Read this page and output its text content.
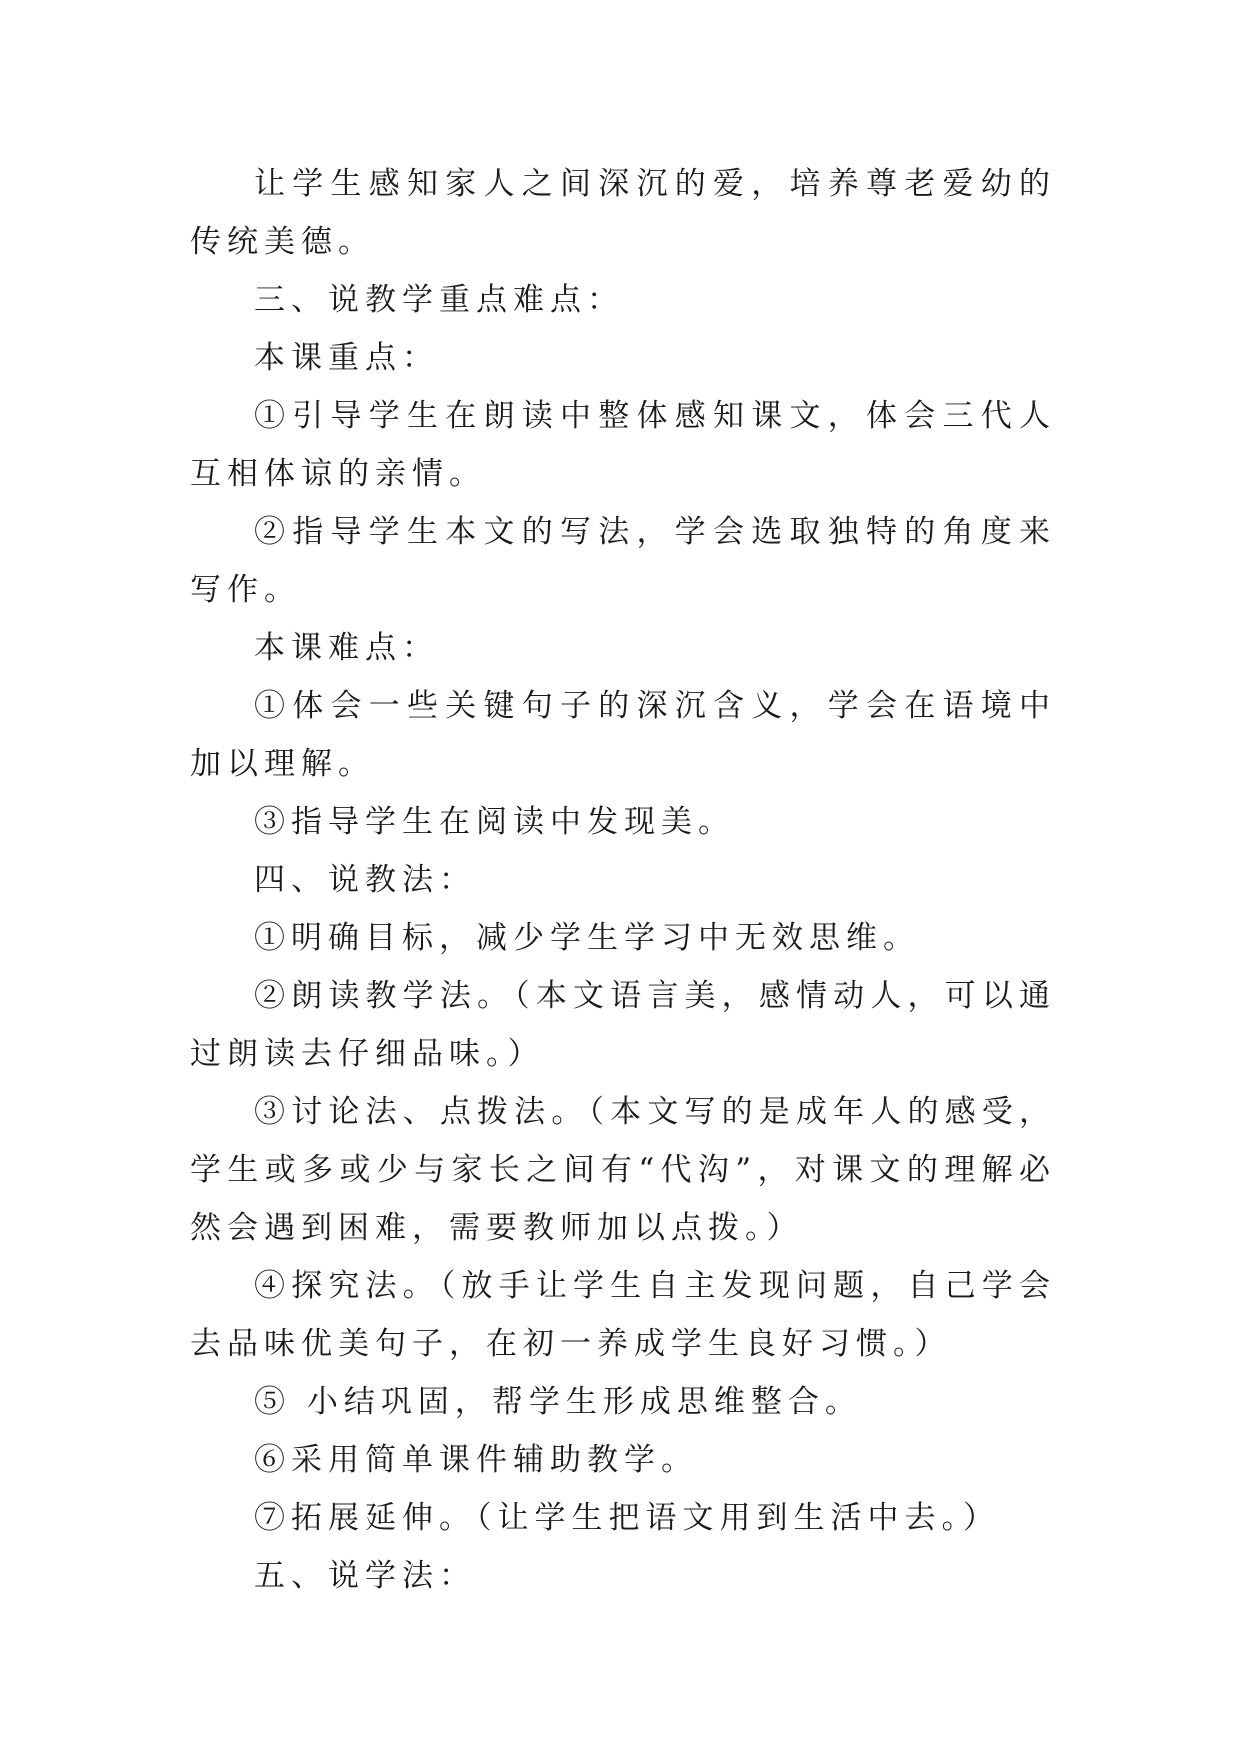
让学生感知家人之间深沉的爱，培养尊老爱幼的传统美德。

三、说教学重点难点：

本课重点：

①引导学生在朗读中整体感知课文，体会三代人互相体谅的亲情。

②指导学生本文的写法，学会选取独特的角度来写作。

本课难点：

①体会一些关键句子的深沉含义，学会在语境中加以理解。

③指导学生在阅读中发现美。

四、说教法：

①明确目标，减少学生学习中无效思维。

②朗读教学法。（本文语言美，感情动人，可以通过朗读去仔细品味。）

③讨论法、点拨法。（本文写的是成年人的感受，学生或多或少与家长之间有“代沟”，对课文的理解必然会遇到困难，需要教师加以点拨。）

④探究法。（放手让学生自主发现问题，自己学会去品味优美句子，在初一养成学生良好习惯。）

⑤ 小结巩固，帮学生形成思维整合。

⑥采用简单课件辅助教学。

⑦拓展延伸。（让学生把语文用到生活中去。）

五、说学法：
